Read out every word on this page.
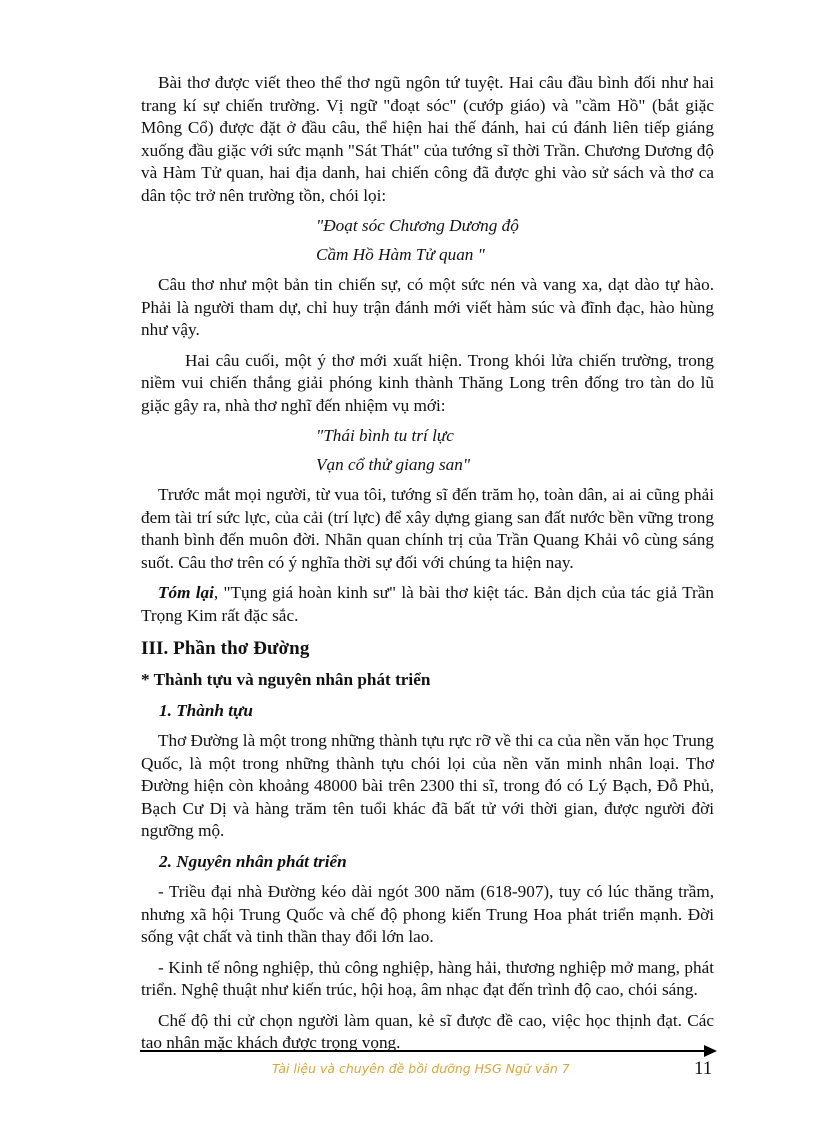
Bài thơ được viết theo thể thơ ngũ ngôn tứ tuyệt. Hai câu đầu bình đối như hai trang kí sự chiến trường. Vị ngữ "đoạt sóc" (cướp giáo) và "cầm Hồ" (bắt giặc Mông Cổ) được đặt ở đầu câu, thể hiện hai thế đánh, hai cú đánh liên tiếp giáng xuống đầu giặc với sức mạnh "Sát Thát" của tướng sĩ thời Trần. Chương Dương độ và Hàm Tử quan, hai địa danh, hai chiến công đã được ghi vào sử sách và thơ ca dân tộc trở nên trường tồn, chói lọi:

"Đoạt sóc Chương Dương độ

Cầm Hồ Hàm Tử quan "

Câu thơ như một bản tin chiến sự, có một sức nén và vang xa, dạt dào tự hào. Phải là người tham dự, chỉ huy trận đánh mới viết hàm súc và đĩnh đạc, hào hùng như vậy.

Hai câu cuối, một ý thơ mới xuất hiện. Trong khói lửa chiến trường, trong niềm vui chiến thắng giải phóng kinh thành Thăng Long trên đống tro tàn do lũ giặc gây ra, nhà thơ nghĩ đến nhiệm vụ mới:

"Thái bình tu trí lực

Vạn cổ thử giang san"

Trước mắt mọi người, từ vua tôi, tướng sĩ đến trăm họ, toàn dân, ai ai cũng phải đem tài trí sức lực, của cải (trí lực) để xây dựng giang san đất nước bền vững trong thanh bình đến muôn đời. Nhãn quan chính trị của Trần Quang Khải vô cùng sáng suốt. Câu thơ trên có ý nghĩa thời sự đối với chúng ta hiện nay.

Tóm lại, "Tụng giá hoàn kinh sư" là bài thơ kiệt tác. Bản dịch của tác giả Trần Trọng Kim rất đặc sắc.

III. Phần thơ Đường

* Thành tựu và nguyên nhân phát triển

1. Thành tựu

Thơ Đường là một trong những thành tựu rực rỡ về thi ca của nền văn học Trung Quốc, là một trong những thành tựu chói lọi của nền văn minh nhân loại. Thơ Đường hiện còn khoảng 48000 bài trên 2300 thi sĩ, trong đó có Lý Bạch, Đỗ Phủ, Bạch Cư Dị và hàng trăm tên tuổi khác đã bất tử với thời gian, được người đời ngưỡng mộ.

2. Nguyên nhân phát triển

- Triều đại nhà Đường kéo dài ngót 300 năm (618-907), tuy có lúc thăng trầm, nhưng xã hội Trung Quốc và chế độ phong kiến Trung Hoa phát triển mạnh. Đời sống vật chất và tinh thần thay đổi lớn lao.

- Kinh tế nông nghiệp, thủ công nghiệp, hàng hải, thương nghiệp mở mang, phát triển. Nghệ thuật như kiến trúc, hội hoạ, âm nhạc đạt đến trình độ cao, chói sáng.

Chế độ thi cử chọn người làm quan, kẻ sĩ được đề cao, việc học thịnh đạt. Các tao nhân mặc khách được trọng vọng.

Tài liệu và chuyên đề bồi dưỡng HSG Ngữ văn 7	11
